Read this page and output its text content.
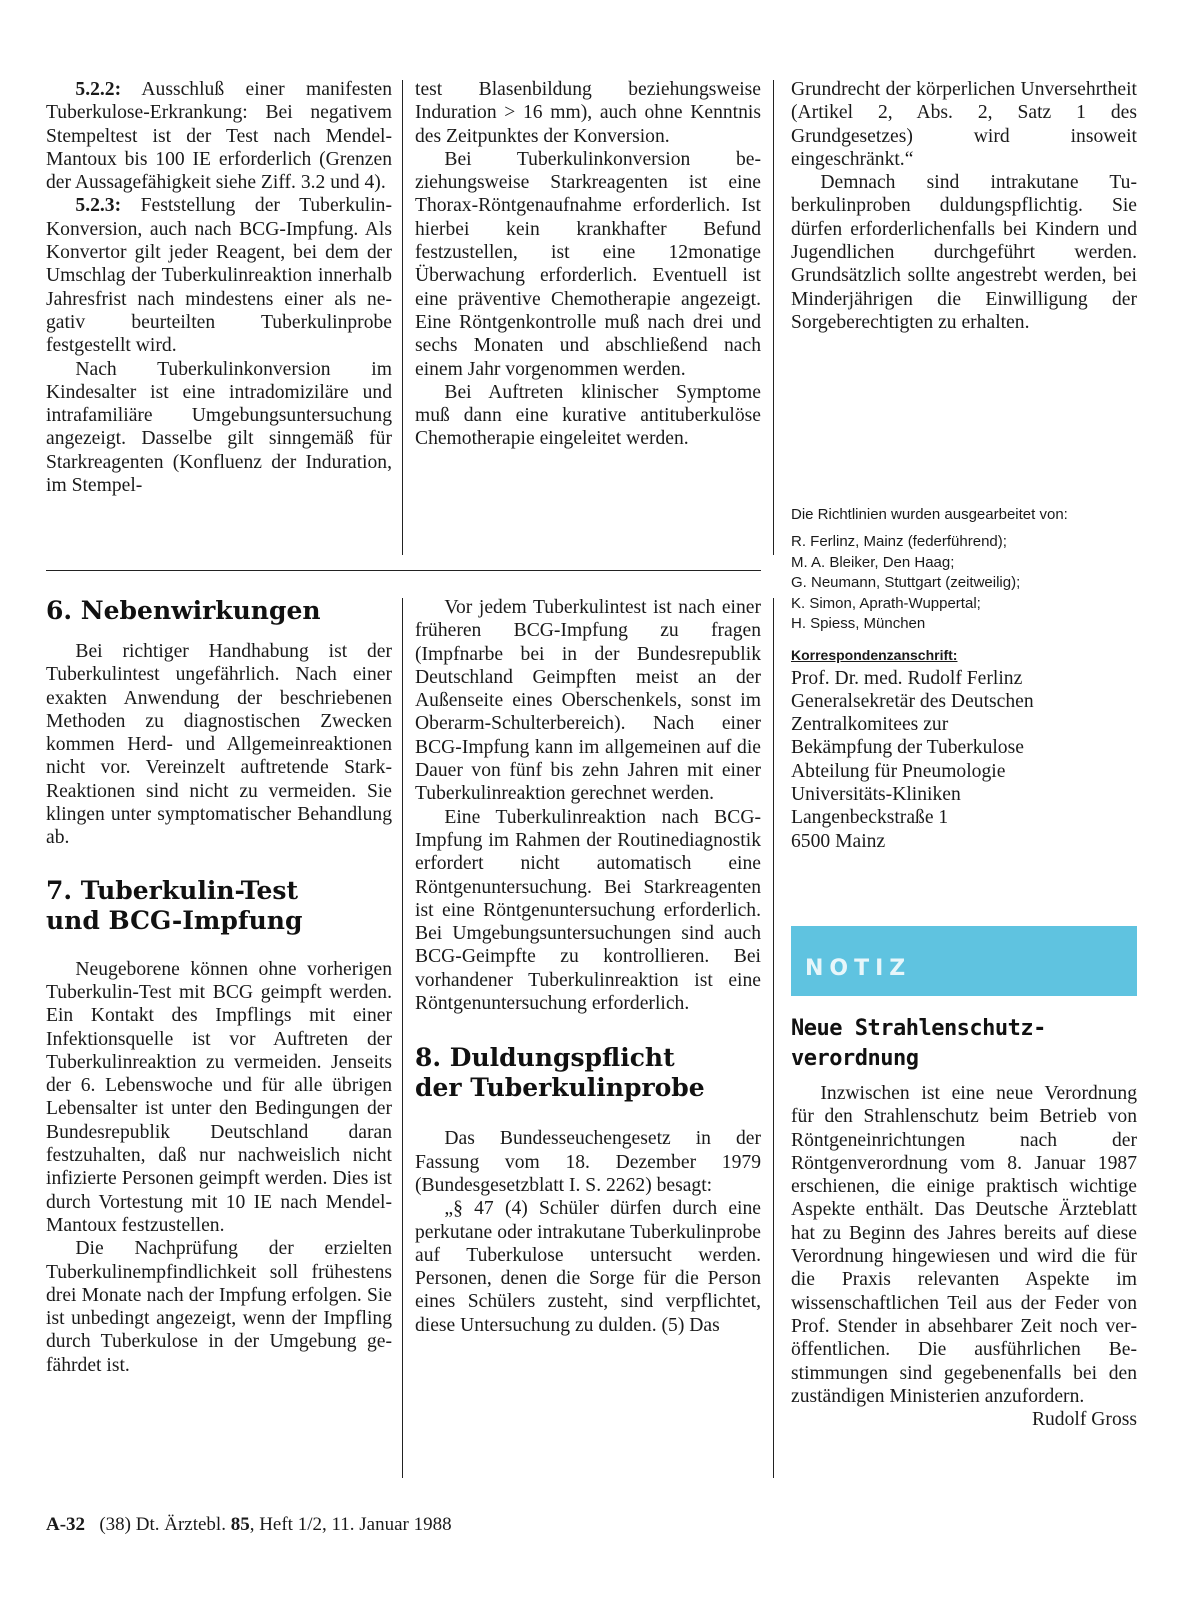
5.2.2: Ausschluß einer manifesten Tuberkulose-Erkrankung: Bei negativem Stempeltest ist der Test nach Mendel-Mantoux bis 100 IE erforderlich (Grenzen der Aussagefähigkeit siehe Ziff. 3.2 und 4).

5.2.3: Feststellung der Tuberkulin-Konversion, auch nach BCG-Impfung. Als Konvertor gilt jeder Reagent, bei dem der Umschlag der Tuberkulinreaktion innerhalb Jahresfrist nach mindestens einer als negativ beurteilten Tuberkulinprobe festgestellt wird.

Nach Tuberkulinkonversion im Kindesalter ist eine intradomiziläre und intrafamiliäre Umgebungsuntersuchung angezeigt. Dasselbe gilt sinngemäß für Starkreagenten (Konfluenz der Induration, im Stempel-

test Blasenbildung beziehungsweise Induration > 16 mm), auch ohne Kenntnis des Zeitpunktes der Konversion.

Bei Tuberkulinkonversion beziehungsweise Starkreagenten ist eine Thorax-Röntgenaufnahme erforderlich. Ist hierbei kein krankhafter Befund festzustellen, ist eine 12monatige Überwachung erforderlich. Eventuell ist eine präventive Chemotherapie angezeigt. Eine Röntgenkontrolle muß nach drei und sechs Monaten und abschließend nach einem Jahr vorgenommen werden.

Bei Auftreten klinischer Symptome muß dann eine kurative antituberkulöse Chemotherapie eingeleitet werden.

Grundrecht der körperlichen Unversehrtheit (Artikel 2, Abs. 2, Satz 1 des Grundgesetzes) wird insoweit eingeschränkt.“

Demnach sind intrakutane Tuberkulinproben duldungspflichtig. Sie dürfen erforderlichenfalls bei Kindern und Jugendlichen durchgeführt werden. Grundsätzlich sollte angestrebt werden, bei Minderjährigen die Einwilligung der Sorgeberechtigten zu erhalten.

6. Nebenwirkungen

Bei richtiger Handhabung ist der Tuberkulintest ungefährlich. Nach einer exakten Anwendung der beschriebenen Methoden zu diagnostischen Zwecken kommen Herd- und Allgemeinreaktionen nicht vor. Vereinzelt auftretende Stark-Reaktionen sind nicht zu vermeiden. Sie klingen unter symptomatischer Behandlung ab.

7. Tuberkulin-Test
und BCG-Impfung

Neugeborene können ohne vorherigen Tuberkulin-Test mit BCG geimpft werden. Ein Kontakt des Impflings mit einer Infektionsquelle ist vor Auftreten der Tuberkulinreaktion zu vermeiden. Jenseits der 6. Lebenswoche und für alle übrigen Lebensalter ist unter den Bedingungen der Bundesrepublik Deutschland daran festzuhalten, daß nur nachweislich nicht infizierte Personen geimpft werden. Dies ist durch Vortestung mit 10 IE nach Mendel-Mantoux festzustellen.

Die Nachprüfung der erzielten Tuberkulinempfindlichkeit soll frühestens drei Monate nach der Impfung erfolgen. Sie ist unbedingt angezeigt, wenn der Impfling durch Tuberkulose in der Umgebung gefährdet ist.

Vor jedem Tuberkulintest ist nach einer früheren BCG-Impfung zu fragen (Impfnarbe bei in der Bundesrepublik Deutschland Geimpften meist an der Außenseite eines Oberschenkels, sonst im Oberarm-Schulterbereich). Nach einer BCG-Impfung kann im allgemeinen auf die Dauer von fünf bis zehn Jahren mit einer Tuberkulinreaktion gerechnet werden.

Eine Tuberkulinreaktion nach BCG-Impfung im Rahmen der Routinediagnostik erfordert nicht automatisch eine Röntgenuntersuchung. Bei Starkreagenten ist eine Röntgenuntersuchung erforderlich. Bei Umgebungsuntersuchungen sind auch BCG-Geimpfte zu kontrollieren. Bei vorhandener Tuberkulinreaktion ist eine Röntgenuntersuchung erforderlich.

8. Duldungspflicht
der Tuberkulinprobe

Das Bundesseuchengesetz in der Fassung vom 18. Dezember 1979 (Bundesgesetzblatt I. S. 2262) besagt:

„§ 47 (4) Schüler dürfen durch eine perkutane oder intrakutane Tuberkulinprobe auf Tuberkulose untersucht werden. Personen, denen die Sorge für die Person eines Schülers zusteht, sind verpflichtet, diese Untersuchung zu dulden. (5) Das

Die Richtlinien wurden ausgearbeitet von:

R. Ferlinz, Mainz (federführend);

M. A. Bleiker, Den Haag;

G. Neumann, Stuttgart (zeitweilig);

K. Simon, Aprath-Wuppertal;

H. Spiess, München

Korrespondenzanschrift:

Prof. Dr. med. Rudolf Ferlinz

Generalsekretär des Deutschen

Zentralkomitees zur

Bekämpfung der Tuberkulose

Abteilung für Pneumologie

Universitäts-Kliniken

Langenbeckstraße 1

6500 Mainz

NOTIZ
Neue Strahlenschutz-
verordnung

Inzwischen ist eine neue Verordnung für den Strahlenschutz beim Betrieb von Röntgeneinrichtungen nach der Röntgenverordnung vom 8. Januar 1987 erschienen, die einige praktisch wichtige Aspekte enthält. Das Deutsche Ärzteblatt hat zu Beginn des Jahres bereits auf diese Verordnung hingewiesen und wird die für die Praxis relevanten Aspekte im wissenschaftlichen Teil aus der Feder von Prof. Stender in absehbarer Zeit noch veröffentlichen. Die ausführlichen Bestimmungen sind gegebenenfalls bei den zuständigen Ministerien anzufordern.
Rudolf Gross

A-32 (38) Dt. Ärztebl. 85, Heft 1/2, 11. Januar 1988
